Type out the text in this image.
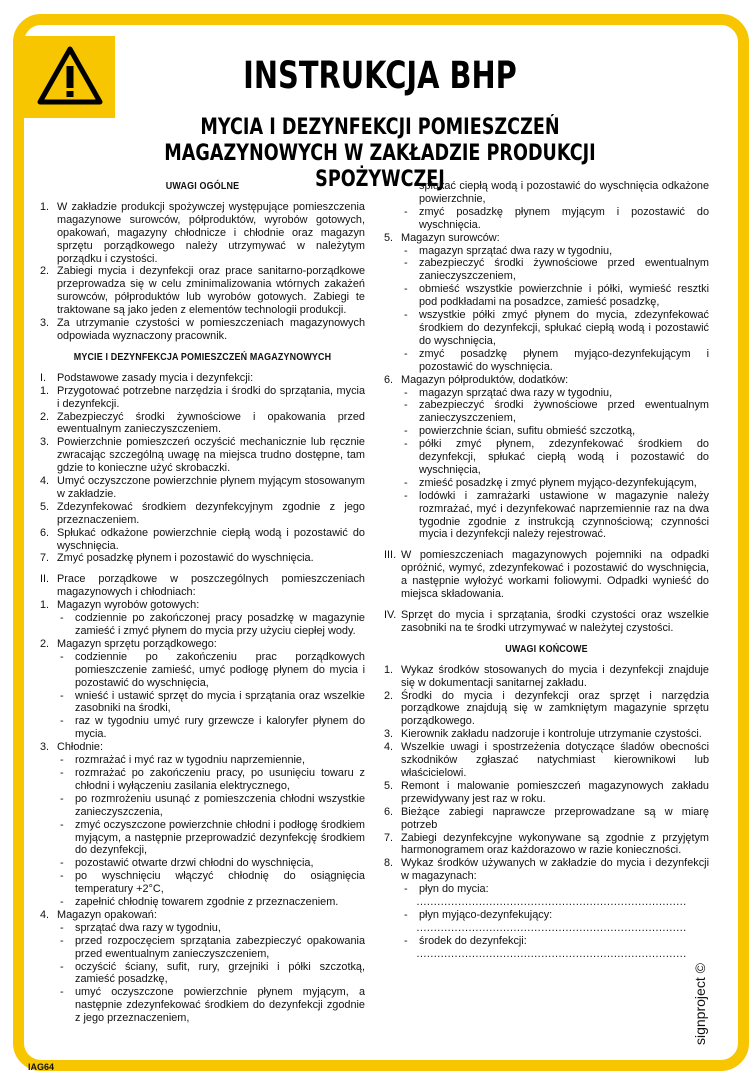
INSTRUKCJA BHP
MYCIA I DEZYNFEKCJI POMIESZCZEŃ
MAGAZYNOWYCH W ZAKŁADZIE PRODUKCJI SPOŻYWCZEJ
UWAGI OGÓLNE
1. W zakładzie produkcji spożywczej występujące pomieszczenia magazynowe surowców, półproduktów, wyrobów gotowych, opakowań, magazyny chłodnicze i chłodnie oraz magazyn sprzętu porządkowego należy utrzymywać w należytym porządku i czystości.
2. Zabiegi mycia i dezynfekcji oraz prace sanitarno-porządkowe przeprowadza się w celu zminimalizowania wtórnych zakażeń surowców, półproduktów lub wyrobów gotowych. Zabiegi te traktowane są jako jeden z elementów technologii produkcji.
3. Za utrzymanie czystości w pomieszczeniach magazynowych odpowiada wyznaczony pracownik.
MYCIE I DEZYNFEKCJA POMIESZCZEŃ MAGAZYNOWYCH
I.	Podstawowe zasady mycia i dezynfekcji:
1. Przygotować potrzebne narzędzia i środki do sprzątania, mycia i dezynfekcji.
2. Zabezpieczyć środki żywnościowe i opakowania przed ewentualnym zanieczyszczeniem.
3. Powierzchnie pomieszczeń oczyścić mechanicznie lub ręcznie zwracając szczególną uwagę na miejsca trudno dostępne, tam gdzie to konieczne użyć skrobaczki.
4. Umyć oczyszczone powierzchnie płynem myjącym stosowanym w zakładzie.
5. Zdezynfekować środkiem dezynfekcyjnym zgodnie z jego przeznaczeniem.
6. Spłukać odkażone powierzchnie ciepłą wodą i pozostawić do wyschnięcia.
7. Zmyć posadzkę płynem i pozostawić do wyschnięcia.
II. Prace porządkowe w poszczególnych pomieszczeniach magazynowych i chłodniach:
1. Magazyn wyrobów gotowych:
-	codziennie po zakończonej pracy posadzkę w magazynie zamieść i zmyć płynem do mycia przy użyciu ciepłej wody.
2. Magazyn sprzętu porządkowego:
-	codziennie po zakończeniu prac porządkowych pomieszczenie zamieść, umyć podłogę płynem do mycia i pozostawić do wyschnięcia,
-	wnieść i ustawić sprzęt do mycia i sprzątania oraz wszelkie zasobniki na środki,
-	raz w tygodniu umyć rury grzewcze i kaloryfer płynem do mycia.
3. Chłodnie:
-	rozmrażać i myć raz w tygodniu naprzemiennie,
-	rozmrażać po zakończeniu pracy, po usunięciu towaru z chłodni i wyłączeniu zasilania elektrycznego,
-	po rozmrożeniu usunąć z pomieszczenia chłodni wszystkie zanieczyszczenia,
-	zmyć oczyszczone powierzchnie chłodni i podłogę środkiem myjącym, a następnie przeprowadzić dezynfekcję środkiem do dezynfekcji,
-	pozostawić otwarte drzwi chłodni do wyschnięcia,
-	po wyschnięciu włączyć chłodnię do osiągnięcia temperatury +2°C,
-	zapełnić chłodnię towarem zgodnie z przeznaczeniem.
4. Magazyn opakowań:
-	sprzątać dwa razy w tygodniu,
-	przed rozpoczęciem sprzątania zabezpieczyć opakowania przed ewentualnym zanieczyszczeniem,
-	oczyścić ściany, sufit, rury, grzejniki i półki szczotką, zamieść posadzkę,
-	umyć oczyszczone powierzchnie płynem myjącym, a następnie zdezynfekować środkiem do dezynfekcji zgodnie z jego przeznaczeniem,
spłukać ciepłą wodą i pozostawić do wyschnięcia odkażone powierzchnie,
-	zmyć posadzkę płynem myjącym i pozostawić do wyschnięcia.
5. Magazyn surowców:
-	magazyn sprzątać dwa razy w tygodniu,
-	zabezpieczyć środki żywnościowe przed ewentualnym zanieczyszczeniem,
-	obmieść wszystkie powierzchnie i półki, wymieść resztki pod podkładami na posadzce, zamieść posadzkę,
-	wszystkie półki zmyć płynem do mycia, zdezynfekować środkiem do dezynfekcji, spłukać ciepłą wodą i pozostawić do wyschnięcia,
-	zmyć posadzkę płynem myjąco-dezynfekującym i pozostawić do wyschnięcia.
6. Magazyn półproduktów, dodatków:
-	magazyn sprzątać dwa razy w tygodniu,
-	zabezpieczyć środki żywnościowe przed ewentualnym zanieczyszczeniem,
-	powierzchnie ścian, sufitu obmieść szczotką,
-	półki zmyć płynem, zdezynfekować środkiem do dezynfekcji, spłukać ciepłą wodą i pozostawić do wyschnięcia,
-	zmieść posadzkę i zmyć płynem myjąco-dezynfekującym,
-	lodówki i zamrażarki ustawione w magazynie należy rozmrażać, myć i dezynfekować naprzemiennie raz na dwa tygodnie zgodnie z instrukcją czynnościową; czynności mycia i dezynfekcji należy rejestrować.
III. W pomieszczeniach magazynowych pojemniki na odpadki opróżnić, wymyć, zdezynfekować i pozostawić do wyschnięcia, a następnie wyłożyć workami foliowymi. Odpadki wynieść do miejsca składowania.
IV. Sprzęt do mycia i sprzątania, środki czystości oraz wszelkie zasobniki na te środki utrzymywać w należytej czystości.
UWAGI KOŃCOWE
1. Wykaz środków stosowanych do mycia i dezynfekcji znajduje się w dokumentacji sanitarnej zakładu.
2. Środki do mycia i dezynfekcji oraz sprzęt i narzędzia porządkowe znajdują się w zamkniętym magazynie sprzętu porządkowego.
3. Kierownik zakładu nadzoruje i kontroluje utrzymanie czystości.
4. Wszelkie uwagi i spostrzeżenia dotyczące śladów obecności szkodników zgłaszać natychmiast kierownikowi lub właścicielowi.
5. Remont i malowanie pomieszczeń magazynowych zakładu przewidywany jest raz w roku.
6. Bieżące zabiegi naprawcze przeprowadzane są w miarę potrzeb
7. Zabiegi dezynfekcyjne wykonywane są zgodnie z przyjętym harmonogramem oraz każdorazowo w razie konieczności.
8. Wykaz środków używanych w zakładzie do mycia i dezynfekcji w magazynach:
-	płyn do mycia:
……………………………………………………………………
-	płyn myjąco-dezynfekujący:
……………………………………………………………………
-	środek do dezynfekcji:
……………………………………………………………………
IAG64
signproject ©
